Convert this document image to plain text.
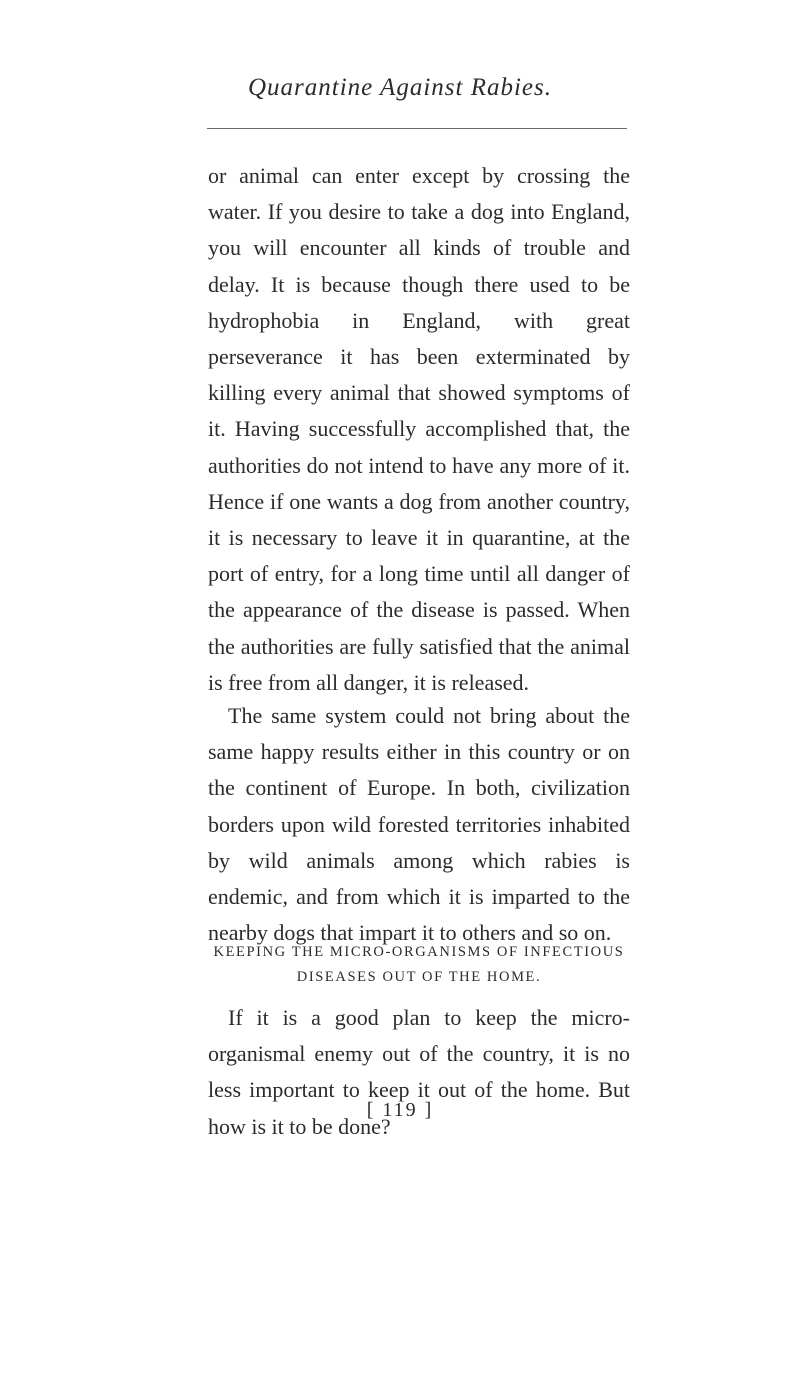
Quarantine Against Rabies.
or animal can enter except by crossing the water. If you desire to take a dog into England, you will encounter all kinds of trouble and delay. It is because though there used to be hydrophobia in England, with great perseverance it has been exterminated by killing every animal that showed symptoms of it. Having successfully accomplished that, the authorities do not intend to have any more of it. Hence if one wants a dog from another country, it is necessary to leave it in quarantine, at the port of entry, for a long time until all danger of the appearance of the disease is passed. When the authorities are fully satisfied that the animal is free from all danger, it is released.
The same system could not bring about the same happy results either in this country or on the continent of Europe. In both, civilization borders upon wild forested territories inhabited by wild animals among which rabies is endemic, and from which it is imparted to the nearby dogs that impart it to others and so on.
KEEPING THE MICRO-ORGANISMS OF INFECTIOUS DISEASES OUT OF THE HOME.
If it is a good plan to keep the micro-organismal enemy out of the country, it is no less important to keep it out of the home. But how is it to be done?
[ 119 ]
